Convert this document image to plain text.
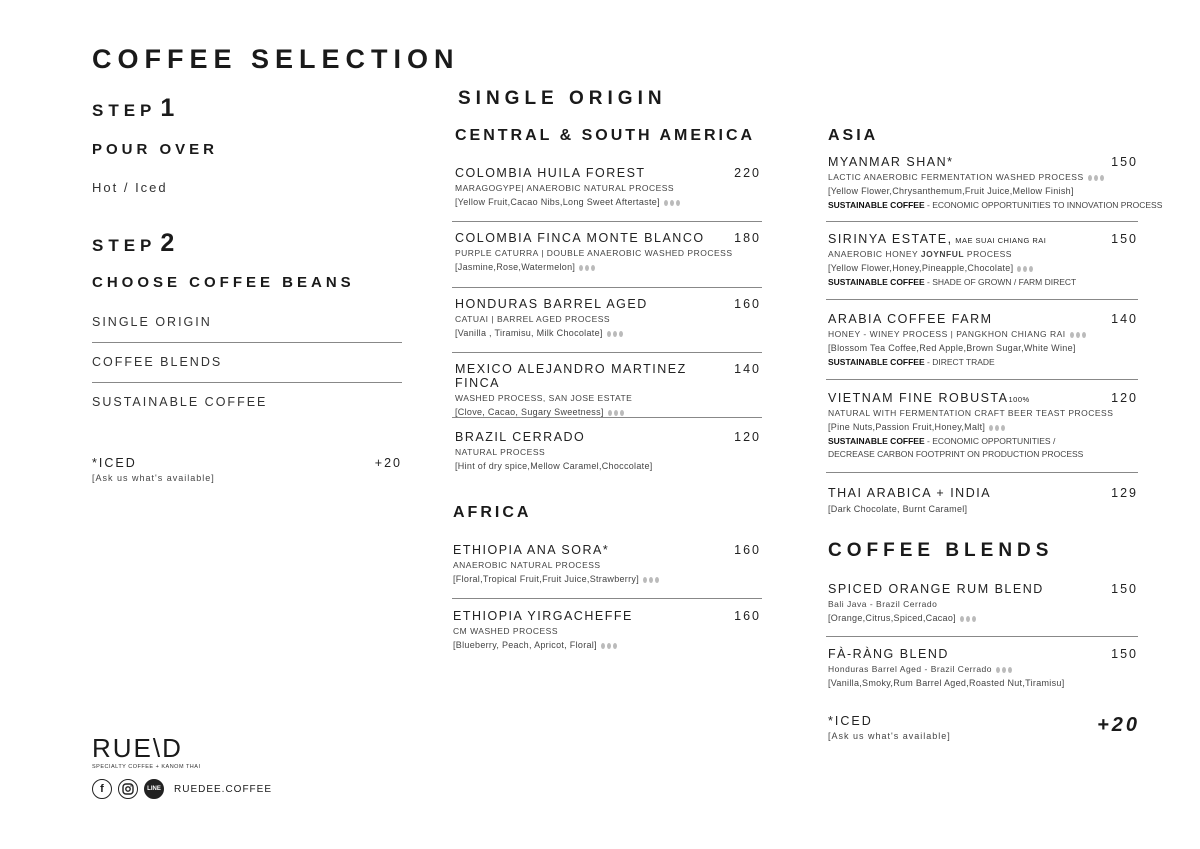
COFFEE SELECTION
STEP 1
POUR OVER
Hot / Iced
STEP 2
CHOOSE COFFEE BEANS
SINGLE ORIGIN
COFFEE BLENDS
SUSTAINABLE COFFEE
*ICED	+20
[Ask us what's available]
RUE\D
SPECIALTY COFFEE + KANOM THAI
f	LINE	RUEDEE.COFFEE
SINGLE ORIGIN
CENTRAL & SOUTH AMERICA
COLOMBIA HUILA FOREST	220
MARAGOGYPE| ANAEROBIC NATURAL PROCESS
[Yellow Fruit,Cacao Nibs,Long Sweet Aftertaste]
COLOMBIA FINCA MONTE BLANCO 180
PURPLE CATURRA | DOUBLE ANAEROBIC WASHED PROCESS
[Jasmine,Rose,Watermelon]
HONDURAS BARREL AGED	160
CATUAI | BARREL AGED PROCESS
[Vanilla , Tiramisu, Milk Chocolate]
MEXICO ALEJANDRO MARTINEZ FINCA
140
WASHED PROCESS, SAN JOSE ESTATE
[Clove, Cacao, Sugary Sweetness]
BRAZIL CERRADO	120
NATURAL PROCESS
[Hint of dry spice,Mellow Caramel,Choccolate]
AFRICA
ETHIOPIA ANA SORA*	160
ANAEROBIC NATURAL PROCESS
[Floral,Tropical Fruit,Fruit Juice,Strawberry]
ETHIOPIA YIRGACHEFFE	160
CM WASHED PROCESS
[Blueberry, Peach, Apricot, Floral]
ASIA
MYANMAR SHAN*	150
LACTIC ANAEROBIC FERMENTATION WASHED PROCESS
[Yellow Flower,Chrysanthemum,Fruit Juice,Mellow Finish]
SUSTAINABLE COFFEE - ECONOMIC OPPORTUNITIES TO INNOVATION PROCESS
SIRINYA ESTATE, MAE SUAI CHIANG RAI	150
ANAEROBIC HONEY JOYNFUL PROCESS
[Yellow Flower,Honey,Pineapple,Chocolate]
SUSTAINABLE COFFEE - SHADE OF GROWN / FARM DIRECT
ARABIA COFFEE FARM	140
HONEY - WINEY PROCESS | PANGKHON CHIANG RAI
[Blossom Tea Coffee,Red Apple,Brown Sugar,White Wine]
SUSTAINABLE COFFEE - DIRECT TRADE
VIETNAM FINE ROBUSTA100%	120
NATURAL WITH FERMENTATION CRAFT BEER TEAST PROCESS
[Pine Nuts,Passion Fruit,Honey,Malt]
SUSTAINABLE COFFEE - ECONOMIC OPPORTUNITIES /
DECREASE CARBON FOOTPRINT ON PRODUCTION PROCESS
THAI ARABICA + INDIA	129
[Dark Chocolate, Burnt Caramel]
COFFEE BLENDS
SPICED ORANGE RUM BLEND	150
Bali Java - Brazil Cerrado
[Orange,Citrus,Spiced,Cacao]
FÀ-RÀNG BLEND	150
Honduras Barrel Aged - Brazil Cerrado
[Vanilla,Smoky,Rum Barrel Aged,Roasted Nut,Tiramisu]
*ICED	+20
[Ask us what's available]
